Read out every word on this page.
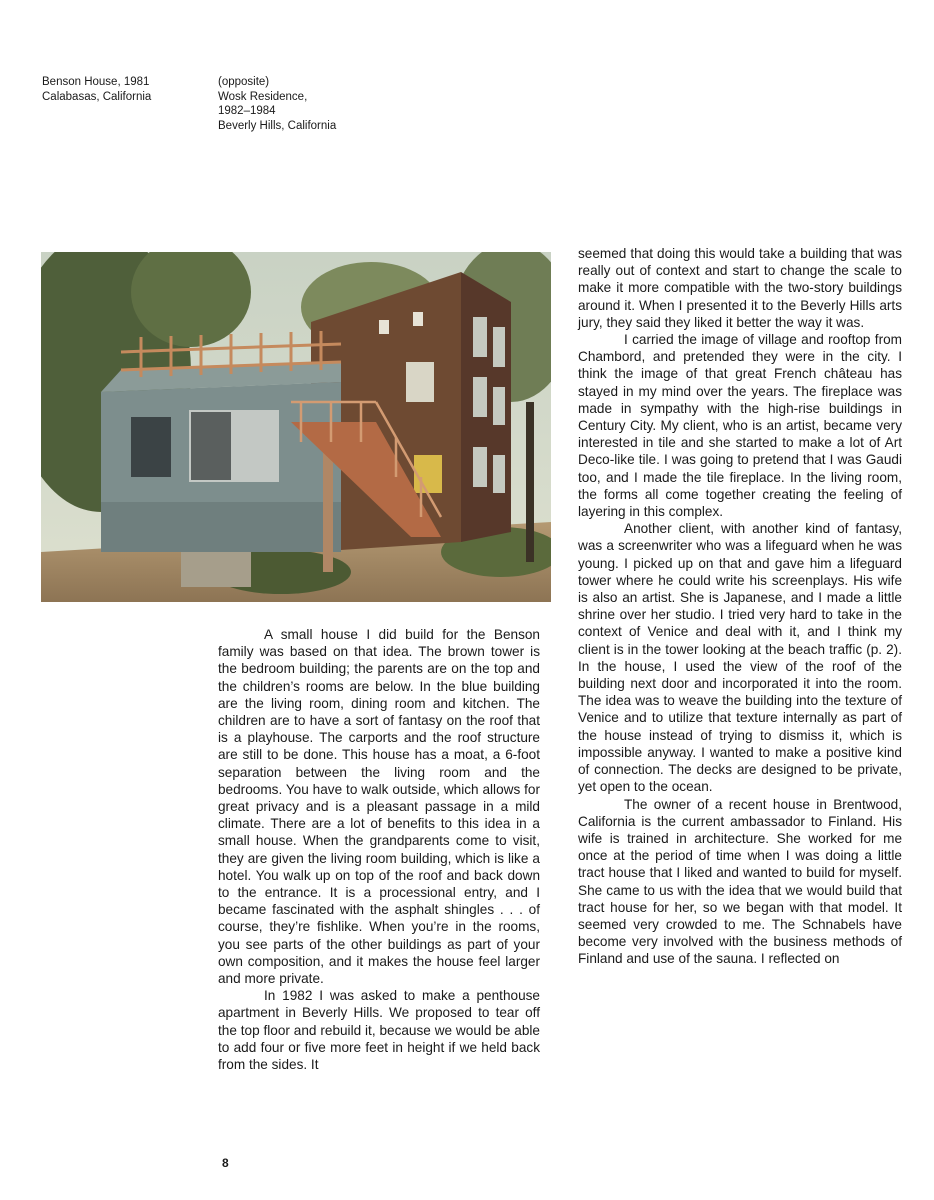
Benson House, 1981
Calabasas, California
(opposite)
Wosk Residence,
1982–1984
Beverly Hills, California

A small house I did build for the Benson family was based on that idea. The brown tower is the bedroom building; the parents are on the top and the children’s rooms are below. In the blue building are the living room, dining room and kitchen. The children are to have a sort of fantasy on the roof that is a playhouse. The carports and the roof structure are still to be done. This house has a moat, a 6-foot separation between the living room and the bedrooms. You have to walk outside, which allows for great privacy and is a pleasant passage in a mild climate. There are a lot of benefits to this idea in a small house. When the grandparents come to visit, they are given the living room building, which is like a hotel. You walk up on top of the roof and back down to the entrance. It is a processional entry, and I became fascinated with the asphalt shingles . . . of course, they’re fishlike. When you’re in the rooms, you see parts of the other buildings as part of your own composition, and it makes the house feel larger and more private.

In 1982 I was asked to make a penthouse apartment in Beverly Hills. We proposed to tear off the top floor and rebuild it, because we would be able to add four or five more feet in height if we held back from the sides. It

seemed that doing this would take a building that was really out of context and start to change the scale to make it more compatible with the two-story buildings around it. When I presented it to the Beverly Hills arts jury, they said they liked it better the way it was.

I carried the image of village and rooftop from Chambord, and pretended they were in the city. I think the image of that great French château has stayed in my mind over the years. The fireplace was made in sympathy with the high-rise buildings in Century City. My client, who is an artist, became very interested in tile and she started to make a lot of Art Deco-like tile. I was going to pretend that I was Gaudi too, and I made the tile fireplace. In the living room, the forms all come together creating the feeling of layering in this complex.

Another client, with another kind of fantasy, was a screenwriter who was a lifeguard when he was young. I picked up on that and gave him a lifeguard tower where he could write his screenplays. His wife is also an artist. She is Japanese, and I made a little shrine over her studio. I tried very hard to take in the context of Venice and deal with it, and I think my client is in the tower looking at the beach traffic (p. 2). In the house, I used the view of the roof of the building next door and incorporated it into the room. The idea was to weave the building into the texture of Venice and to utilize that texture internally as part of the house instead of trying to dismiss it, which is impossible anyway. I wanted to make a positive kind of connection. The decks are designed to be private, yet open to the ocean.

The owner of a recent house in Brentwood, California is the current ambassador to Finland. His wife is trained in architecture. She worked for me once at the period of time when I was doing a little tract house that I liked and wanted to build for myself. She came to us with the idea that we would build that tract house for her, so we began with that model. It seemed very crowded to me. The Schnabels have become very involved with the business methods of Finland and use of the sauna. I reflected on

8
